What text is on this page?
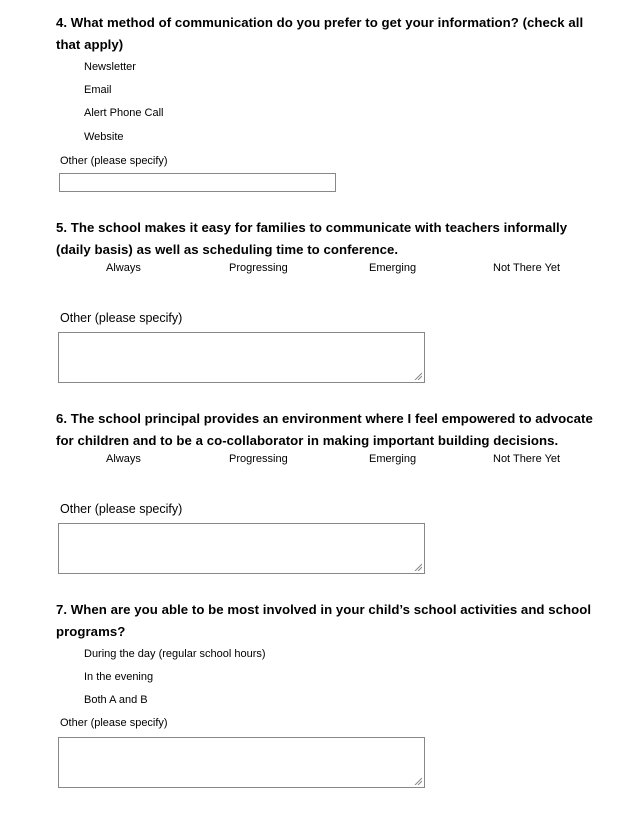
4. What method of communication do you prefer to get your information? (check all that apply)
Newsletter
Email
Alert Phone Call
Website
Other (please specify)
5. The school makes it easy for families to communicate with teachers informally (daily basis) as well as scheduling time to conference.
Always	Progressing	Emerging	Not There Yet
Other (please specify)
6. The school principal provides an environment where I feel empowered to advocate for children and to be a co-collaborator in making important building decisions.
Always	Progressing	Emerging	Not There Yet
Other (please specify)
7. When are you able to be most involved in your child’s school activities and school programs?
During the day (regular school hours)
In the evening
Both A and B
Other (please specify)
